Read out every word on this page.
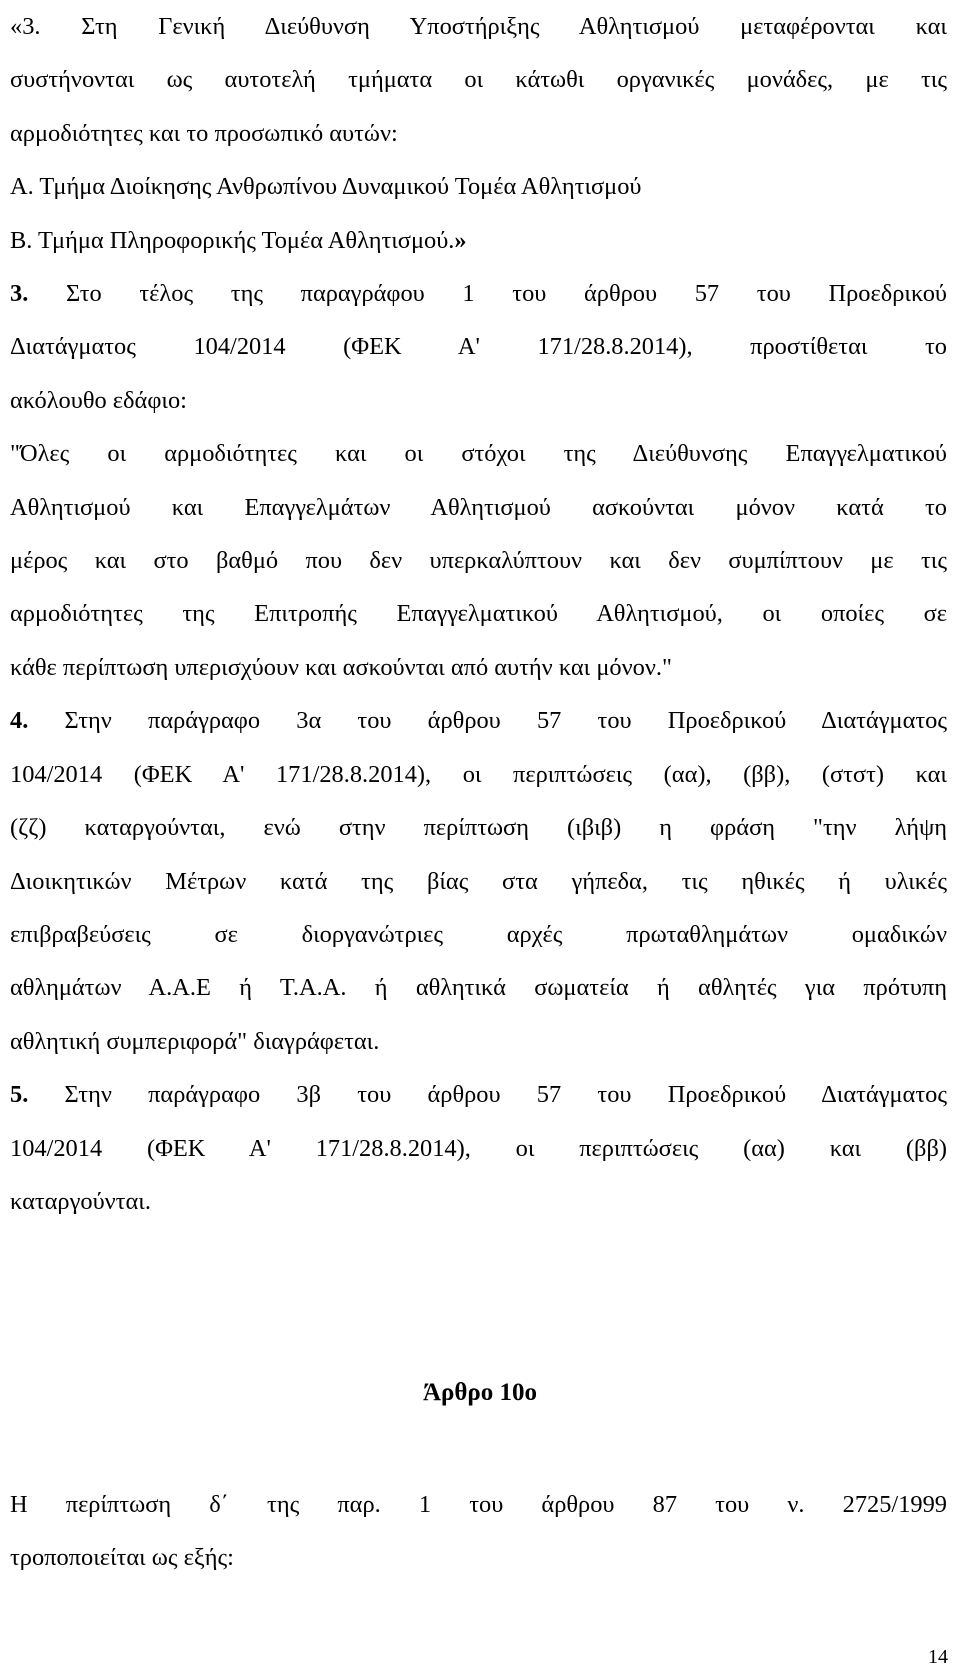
«3. Στη Γενική Διεύθυνση Υποστήριξης Αθλητισμού μεταφέρονται και

συστήνονται ως αυτοτελή τμήματα οι κάτωθι οργανικές μονάδες, με τις

αρμοδιότητες και το προσωπικό αυτών:

Α. Τμήμα Διοίκησης Ανθρωπίνου Δυναμικού Τομέα Αθλητισμού

Β. Τμήμα Πληροφορικής Τομέα Αθλητισμού.»

3. Στο τέλος της παραγράφου 1 του άρθρου 57 του Προεδρικού

Διατάγματος 104/2014 (ΦΕΚ Α' 171/28.8.2014), προστίθεται το

ακόλουθο εδάφιο:

"Όλες οι αρμοδιότητες και οι στόχοι της Διεύθυνσης Επαγγελματικού

Αθλητισμού και Επαγγελμάτων Αθλητισμού ασκούνται μόνον κατά το

μέρος και στο βαθμό που δεν υπερκαλύπτουν και δεν συμπίπτουν με τις

αρμοδιότητες της Επιτροπής Επαγγελματικού Αθλητισμού, οι οποίες σε

κάθε περίπτωση υπερισχύουν και ασκούνται από αυτήν και μόνον."

4. Στην παράγραφο 3α του άρθρου 57 του Προεδρικού Διατάγματος

104/2014 (ΦΕΚ Α' 171/28.8.2014), οι περιπτώσεις (αα), (ββ), (στστ) και

(ζζ) καταργούνται, ενώ στην περίπτωση (ιβιβ) η φράση "την λήψη

Διοικητικών Μέτρων κατά της βίας στα γήπεδα, τις ηθικές ή υλικές

επιβραβεύσεις σε διοργανώτριες αρχές πρωταθλημάτων ομαδικών

αθλημάτων Α.Α.Ε ή Τ.Α.Α. ή αθλητικά σωματεία ή αθλητές για πρότυπη

αθλητική συμπεριφορά" διαγράφεται.

5. Στην παράγραφο 3β του άρθρου 57 του Προεδρικού Διατάγματος

104/2014 (ΦΕΚ Α' 171/28.8.2014), οι περιπτώσεις (αα) και (ββ)

καταργούνται.

Άρθρο 10ο

Η περίπτωση δ΄ της παρ. 1 του άρθρου 87 του ν. 2725/1999

τροποποιείται ως εξής:

14
